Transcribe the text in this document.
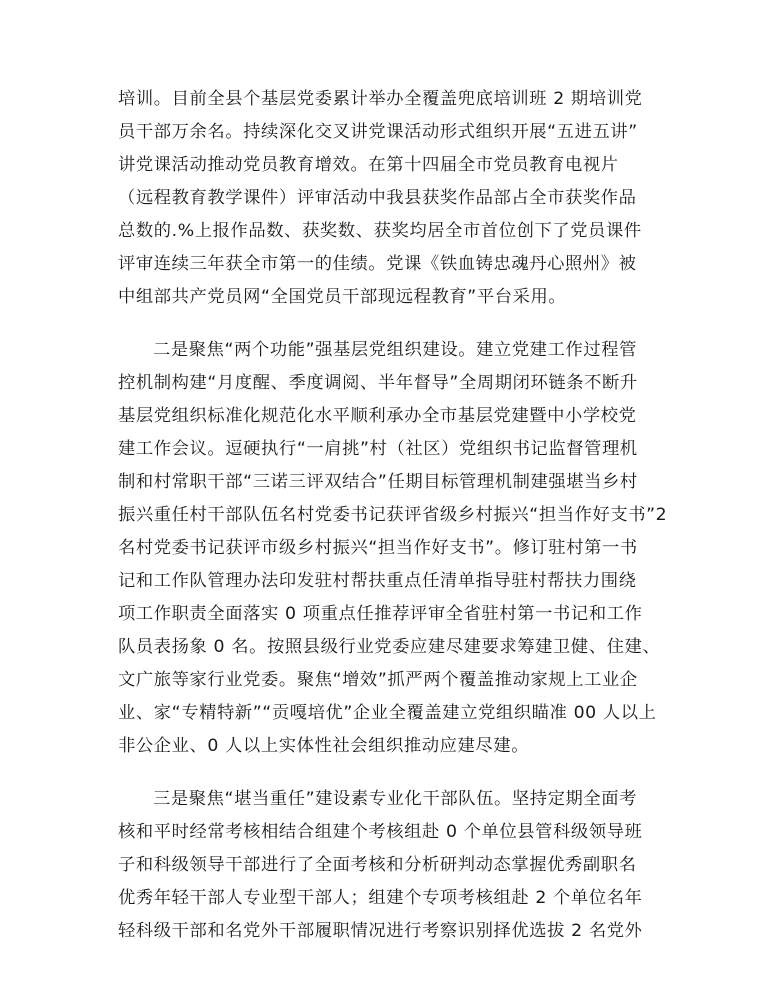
培训。目前全县个基层党委累计举办全覆盖兜底培训班 2 期培训党
员干部万余名。持续深化交叉讲党课活动形式组织开展“五进五讲”
讲党课活动推动党员教育增效。在第十四届全市党员教育电视片
（远程教育教学课件）评审活动中我县获奖作品部占全市获奖作品
总数的.%上报作品数、获奖数、获奖均居全市首位创下了党员课件
评审连续三年获全市第一的佳绩。党课《铁血铸忠魂丹心照州》被
中组部共产党员网“全国党员干部现远程教育”平台采用。
二是聚焦“两个功能”强基层党组织建设。建立党建工作过程管
控机制构建“月度醒、季度调阅、半年督导”全周期闭环链条不断升
基层党组织标准化规范化水平顺利承办全市基层党建暨中小学校党
建工作会议。逗硬执行“一肩挑”村（社区）党组织书记监督管理机
制和村常职干部“三诺三评双结合”任期目标管理机制建强堪当乡村
振兴重任村干部队伍名村党委书记获评省级乡村振兴“担当作好支书”2
名村党委书记获评市级乡村振兴“担当作好支书”。修订驻村第一书
记和工作队管理办法印发驻村帮扶重点任清单指导驻村帮扶力围绕
项工作职责全面落实 0 项重点任推荐评审全省驻村第一书记和工作
队员表扬象 0 名。按照县级行业党委应建尽建要求筹建卫健、住建、
文广旅等家行业党委。聚焦“增效”抓严两个覆盖推动家规上工业企
业、家“专精特新”“贡嘎培优”企业全覆盖建立党组织瞄准 00 人以上
非公企业、0 人以上实体性社会组织推动应建尽建。
三是聚焦“堪当重任”建设素专业化干部队伍。坚持定期全面考
核和平时经常考核相结合组建个考核组赴 0 个单位县管科级领导班
子和科级领导干部进行了全面考核和分析研判动态掌握优秀副职名
优秀年轻干部人专业型干部人；组建个专项考核组赴 2 个单位名年
轻科级干部和名党外干部履职情况进行考察识别择优选拔 2 名党外
